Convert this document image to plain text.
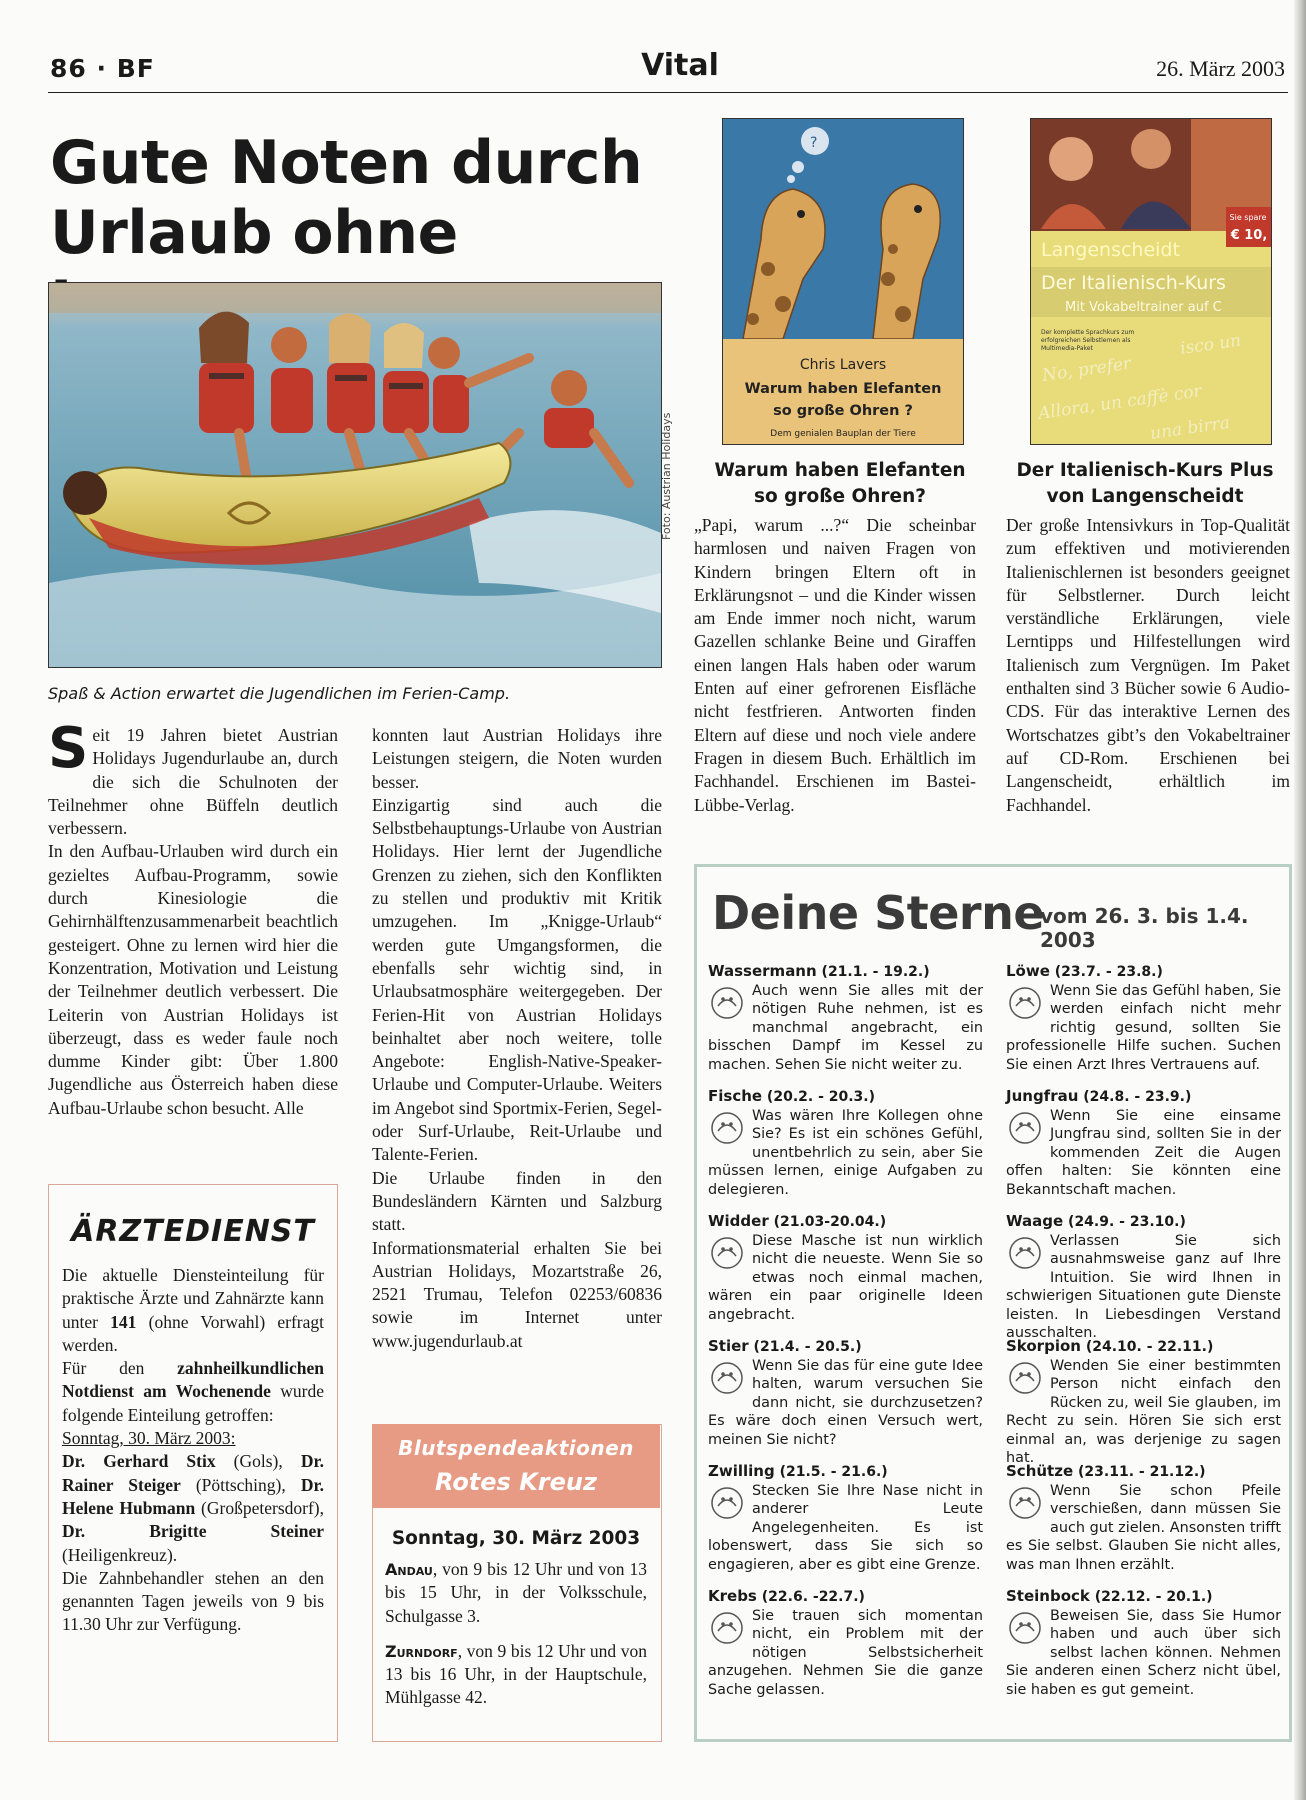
86 · BF	Vital	26. März 2003
Gute Noten durch
Urlaub ohne
Foto: Austrian Holidays
Spaß & Action erwartet die Jugendlichen im Ferien-Camp.

Seit 19 Jahren bietet Austrian Holidays Jugendurlaube an, durch die sich die Schulnoten der Teilnehmer ohne Büffeln deutlich verbessern.

In den Aufbau-Urlauben wird durch ein gezieltes Aufbau-Programm, sowie durch Kinesiologie die Gehirnhälftenzusammenarbeit beachtlich gesteigert. Ohne zu lernen wird hier die Konzentration, Motivation und Leistung der Teilnehmer deutlich verbessert. Die Leiterin von Austrian Holidays ist überzeugt, dass es weder faule noch dumme Kinder gibt: Über 1.800 Jugendliche aus Österreich haben diese Aufbau-Urlaube schon besucht. Alle

konnten laut Austrian Holidays ihre Leistungen steigern, die Noten wurden besser.

Einzigartig sind auch die Selbstbehauptungs-Urlaube von Austrian Holidays. Hier lernt der Jugendliche Grenzen zu ziehen, sich den Konflikten zu stellen und produktiv mit Kritik umzugehen. Im „Knigge-Urlaub“ werden gute Umgangsformen, die ebenfalls sehr wichtig sind, in Urlaubsatmosphäre weitergegeben. Der Ferien-Hit von Austrian Holidays beinhaltet aber noch weitere, tolle Angebote: English-Native-Speaker-Urlaube und Computer-Urlaube. Weiters im Angebot sind Sportmix-Ferien, Segel- oder Surf-Urlaube, Reit-Urlaube und Talente-Ferien.

Die Urlaube finden in den Bundesländern Kärnten und Salzburg statt.

Informationsmaterial erhalten Sie bei Austrian Holidays, Mozartstraße 26, 2521 Trumau, Telefon 02253/60836 sowie im Internet unter www.jugendurlaub.at

?
Chris Lavers
Warum haben Elefanten
so große Ohren ?
Dem genialen Bauplan der Tiere
Sie spare
€ 10,
Langenscheidt
Der Italienisch-Kurs
Mit Vokabeltrainer auf C
Der komplette Sprachkurs zum erfolgreichen Selbstlernen als Multimedia-Paket
No, prefer
isco un
Allora, un caffè cor
una birra
Warum haben Elefanten so große Ohren?
„Papi, warum ...?“ Die scheinbar harmlosen und naiven Fragen von Kindern bringen Eltern oft in Erklärungsnot – und die Kinder wissen am Ende immer noch nicht, warum Gazellen schlanke Beine und Giraffen einen langen Hals haben oder warum Enten auf einer gefrorenen Eisfläche nicht festfrieren. Antworten finden Eltern auf diese und noch viele andere Fragen in diesem Buch. Erhältlich im Fachhandel. Erschienen im Bastei-Lübbe-Verlag.
Der Italienisch-Kurs Plus von Langenscheidt
Der große Intensivkurs in Top-Qualität zum effektiven und motivierenden Italienischlernen ist besonders geeignet für Selbstlerner. Durch leicht verständliche Erklärungen, viele Lerntipps und Hilfestellungen wird Italienisch zum Vergnügen. Im Paket enthalten sind 3 Bücher sowie 6 Audio-CDS. Für das interaktive Lernen des Wortschatzes gibt’s den Vokabeltrainer auf CD-Rom. Erschienen bei Langenscheidt, erhältlich im Fachhandel.
ÄRZTEDIENST

Die aktuelle Diensteinteilung für praktische Ärzte und Zahnärzte kann unter 141 (ohne Vorwahl) erfragt werden.

Für den zahnheilkundlichen Notdienst am Wochenende wurde folgende Einteilung getroffen:

Sonntag, 30. März 2003:

Dr. Gerhard Stix (Gols), Dr. Rainer Steiger (Pöttsching), Dr. Helene Hubmann (Großpetersdorf), Dr. Brigitte Steiner (Heiligenkreuz).

Die Zahnbehandler stehen an den genannten Tagen jeweils von 9 bis 11.30 Uhr zur Verfügung.

Blutspendeaktionen
Rotes Kreuz
Sonntag, 30. März 2003

Andau, von 9 bis 12 Uhr und von 13 bis 15 Uhr, in der Volksschule, Schulgasse 3.

Zurndorf, von 9 bis 12 Uhr und von 13 bis 16 Uhr, in der Hauptschule, Mühlgasse 42.

Deine Sterne
vom 26. 3. bis 1.4. 2003
Wassermann (21.1. - 19.2.)
Auch wenn Sie alles mit der nötigen Ruhe nehmen, ist es manchmal angebracht, ein bisschen Dampf im Kessel zu machen. Sehen Sie nicht weiter zu.
Fische (20.2. - 20.3.)
Was wären Ihre Kollegen ohne Sie? Es ist ein schönes Gefühl, unentbehrlich zu sein, aber Sie müssen lernen, einige Aufgaben zu delegieren.
Widder (21.03-20.04.)
Diese Masche ist nun wirklich nicht die neueste. Wenn Sie so etwas noch einmal machen, wären ein paar originelle Ideen angebracht.
Stier (21.4. - 20.5.)
Wenn Sie das für eine gute Idee halten, warum versuchen Sie dann nicht, sie durchzusetzen? Es wäre doch einen Versuch wert, meinen Sie nicht?
Zwilling (21.5. - 21.6.)
Stecken Sie Ihre Nase nicht in anderer Leute Angelegenheiten. Es ist lobenswert, dass Sie sich so engagieren, aber es gibt eine Grenze.
Krebs (22.6. -22.7.)
Sie trauen sich momentan nicht, ein Problem mit der nötigen Selbstsicherheit anzugehen. Nehmen Sie die ganze Sache gelassen.
Löwe (23.7. - 23.8.)
Wenn Sie das Gefühl haben, Sie werden einfach nicht mehr richtig gesund, sollten Sie professionelle Hilfe suchen. Suchen Sie einen Arzt Ihres Vertrauens auf.
Jungfrau (24.8. - 23.9.)
Wenn Sie eine einsame Jungfrau sind, sollten Sie in der kommenden Zeit die Augen offen halten: Sie könnten eine Bekanntschaft machen.
Waage (24.9. - 23.10.)
Verlassen Sie sich ausnahmsweise ganz auf Ihre Intuition. Sie wird Ihnen in schwierigen Situationen gute Dienste leisten. In Liebesdingen Verstand ausschalten.
Skorpion (24.10. - 22.11.)
Wenden Sie einer bestimmten Person nicht einfach den Rücken zu, weil Sie glauben, im Recht zu sein. Hören Sie sich erst einmal an, was derjenige zu sagen hat.
Schütze (23.11. - 21.12.)
Wenn Sie schon Pfeile verschießen, dann müssen Sie auch gut zielen. Ansonsten trifft es Sie selbst. Glauben Sie nicht alles, was man Ihnen erzählt.
Steinbock (22.12. - 20.1.)
Beweisen Sie, dass Sie Humor haben und auch über sich selbst lachen können. Nehmen Sie anderen einen Scherz nicht übel, sie haben es gut gemeint.
